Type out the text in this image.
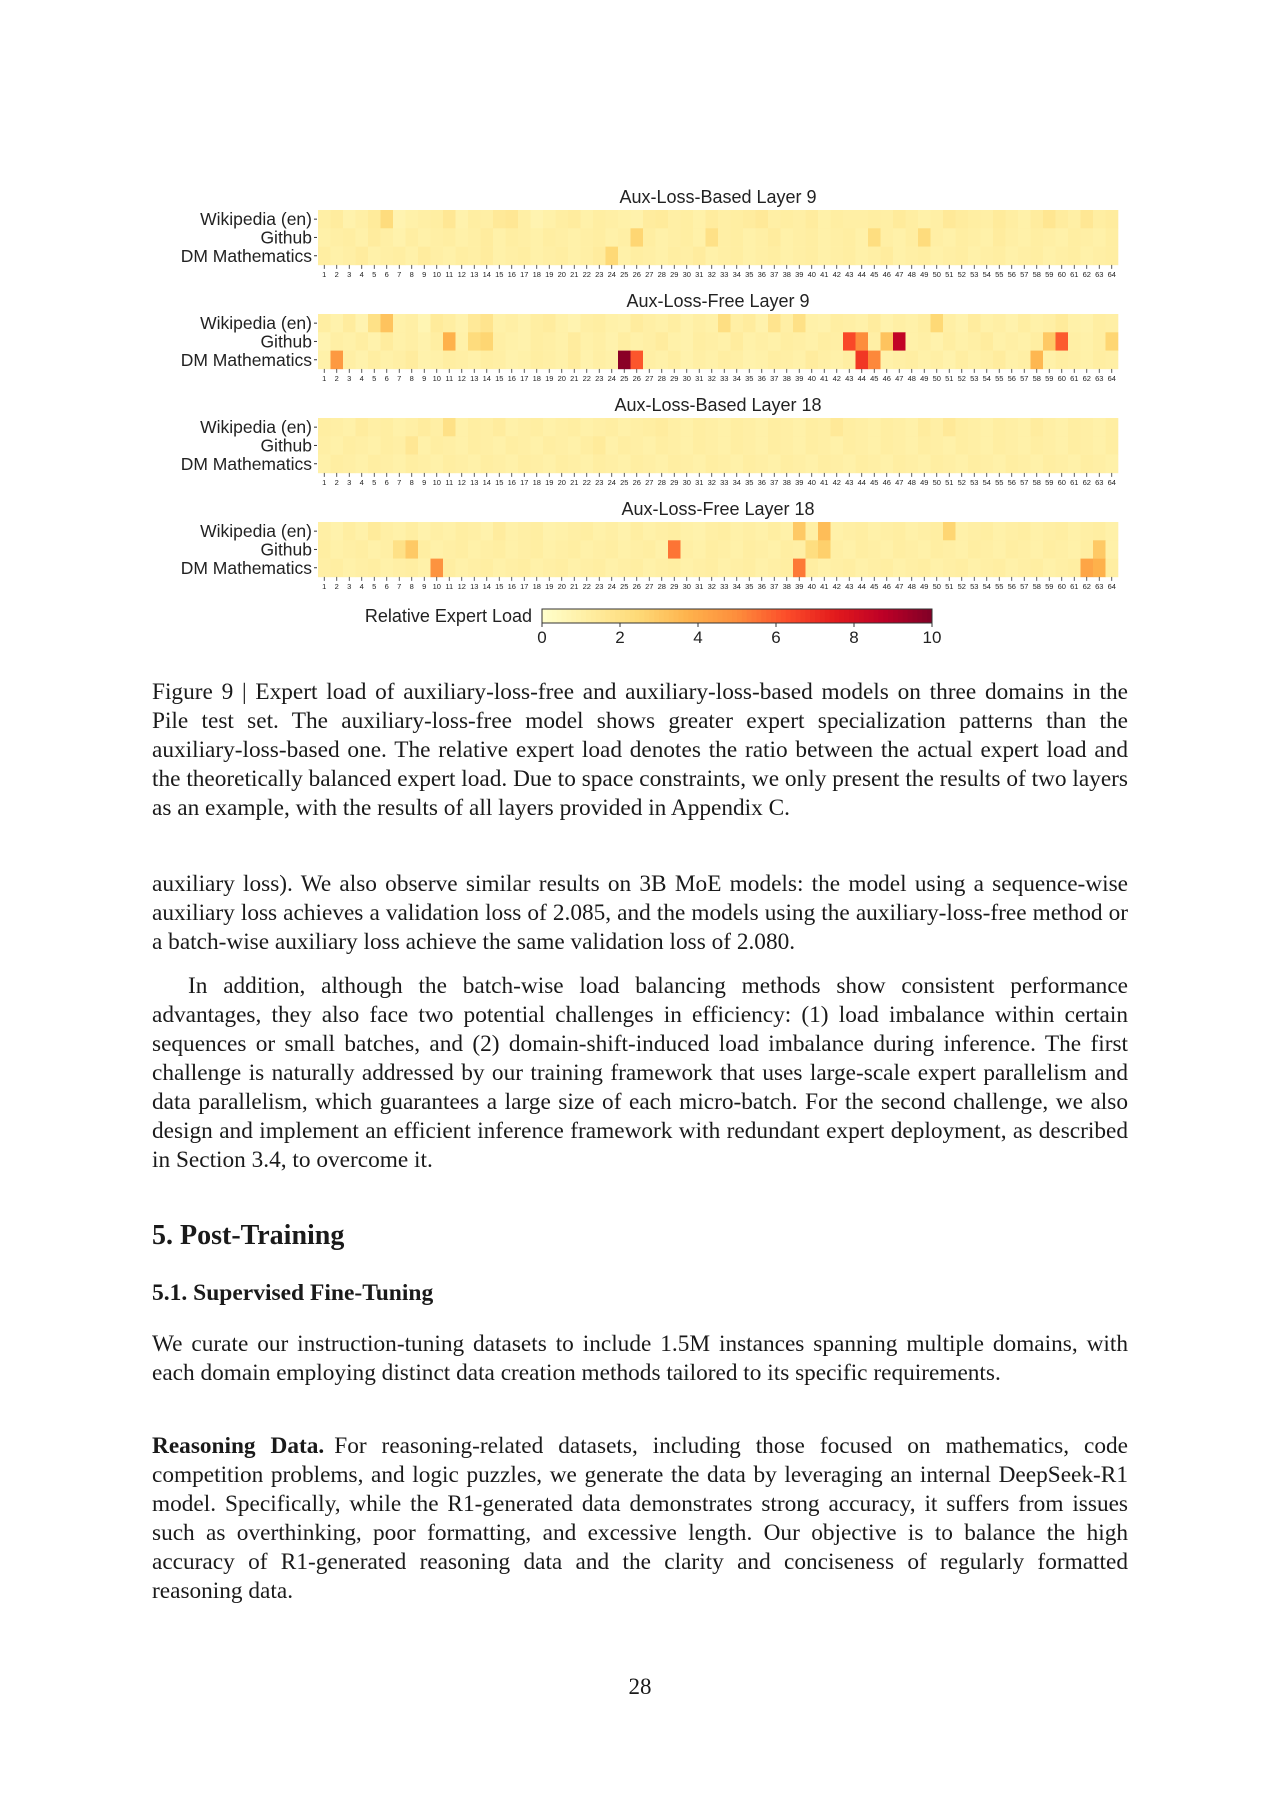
Aux-Loss-Based Layer 9
Wikipedia (en)
Github
DM Mathematics
1 2 3 4 5 6 7 8 9 10 11 12 13 14 15 16 17 18 19 20 21 22 23 24 25 26 27 28 29 30 31 32 33 34 35 36 37 38 39 40 41 42 43 44 45 46 47 48 49 50 51 52 53 54 55 56 57 58 59 60 61 62 63 64
Aux-Loss-Free Layer 9
Wikipedia (en)
Github
DM Mathematics
1 2 3 4 5 6 7 8 9 10 11 12 13 14 15 16 17 18 19 20 21 22 23 24 25 26 27 28 29 30 31 32 33 34 35 36 37 38 39 40 41 42 43 44 45 46 47 48 49 50 51 52 53 54 55 56 57 58 59 60 61 62 63 64
Aux-Loss-Based Layer 18
Wikipedia (en)
Github
DM Mathematics
1 2 3 4 5 6 7 8 9 10 11 12 13 14 15 16 17 18 19 20 21 22 23 24 25 26 27 28 29 30 31 32 33 34 35 36 37 38 39 40 41 42 43 44 45 46 47 48 49 50 51 52 53 54 55 56 57 58 59 60 61 62 63 64
Aux-Loss-Free Layer 18
Wikipedia (en)
Github
DM Mathematics
1 2 3 4 5 6 7 8 9 10 11 12 13 14 15 16 17 18 19 20 21 22 23 24 25 26 27 28 29 30 31 32 33 34 35 36 37 38 39 40 41 42 43 44 45 46 47 48 49 50 51 52 53 54 55 56 57 58 59 60 61 62 63 64
Relative Expert Load
0	2	4	6	8	10

Figure 9 | Expert load of auxiliary-loss-free and auxiliary-loss-based models on three domains in the Pile test set. The auxiliary-loss-free model shows greater expert specialization patterns than the auxiliary-loss-based one. The relative expert load denotes the ratio between the actual expert load and the theoretically balanced expert load. Due to space constraints, we only present the results of two layers as an example, with the results of all layers provided in Appendix C.

auxiliary loss). We also observe similar results on 3B MoE models: the model using a sequence-wise auxiliary loss achieves a validation loss of 2.085, and the models using the auxiliary-loss-free method or a batch-wise auxiliary loss achieve the same validation loss of 2.080.

In addition, although the batch-wise load balancing methods show consistent performance advantages, they also face two potential challenges in efficiency: (1) load imbalance within certain sequences or small batches, and (2) domain-shift-induced load imbalance during inference. The first challenge is naturally addressed by our training framework that uses large-scale expert parallelism and data parallelism, which guarantees a large size of each micro-batch. For the second challenge, we also design and implement an efficient inference framework with redundant expert deployment, as described in Section 3.4, to overcome it.

5. Post-Training
5.1. Supervised Fine-Tuning

We curate our instruction-tuning datasets to include 1.5M instances spanning multiple domains, with each domain employing distinct data creation methods tailored to its specific requirements.

Reasoning Data. For reasoning-related datasets, including those focused on mathematics, code competition problems, and logic puzzles, we generate the data by leveraging an internal DeepSeek-R1 model. Specifically, while the R1-generated data demonstrates strong accuracy, it suffers from issues such as overthinking, poor formatting, and excessive length. Our objective is to balance the high accuracy of R1-generated reasoning data and the clarity and conciseness of regularly formatted reasoning data.

28
